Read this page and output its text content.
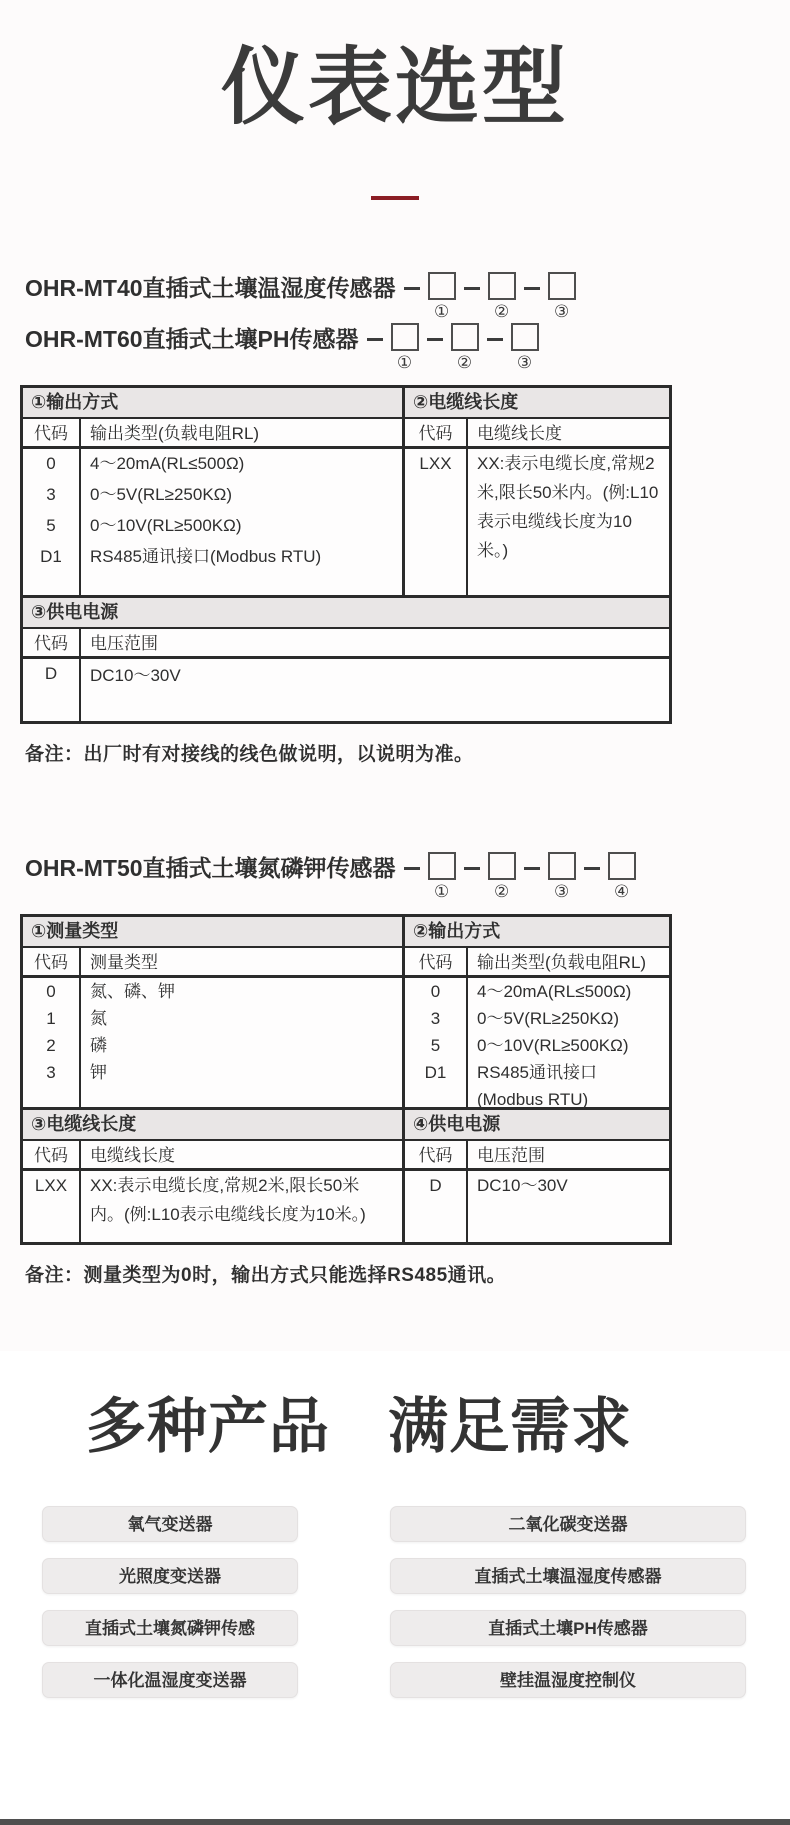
仪表选型
OHR-MT40直插式土壤温湿度传感器
①	②	③
OHR-MT60直插式土壤PH传感器
①	②	③
①输出方式
代码	输出类型(负载电阻RL)
0	4～20mA(RL≤500Ω)
3	0～5V(RL≥250KΩ)
5	0～10V(RL≥500KΩ)
D1	RS485通讯接口(Modbus RTU)
②电缆线长度
代码	电缆线长度
LXX	XX:表示电缆长度,常规2米,限长50米内。(例:L10表示电缆线长度为10米。)
③供电电源
代码	电压范围
D	DC10～30V

备注：出厂时有对接线的线色做说明，以说明为准。

OHR-MT50直插式土壤氮磷钾传感器
①	②	③	④
①测量类型
代码	测量类型
0	氮、磷、钾
1	氮
2	磷
3	钾
②输出方式
代码	输出类型(负载电阻RL)
0	4～20mA(RL≤500Ω)
3	0～5V(RL≥250KΩ)
5	0～10V(RL≥500KΩ)
D1	RS485通讯接口(Modbus RTU)
③电缆线长度
代码	电缆线长度
LXX	XX:表示电缆长度,常规2米,限长50米内。(例:L10表示电缆线长度为10米。)
④供电电源
代码	电压范围
D	DC10～30V

备注：测量类型为0时，输出方式只能选择RS485通讯。

多种产品 满足需求
氧气变送器	二氧化碳变送器
光照度变送器	直插式土壤温湿度传感器
直插式土壤氮磷钾传感	直插式土壤PH传感器
一体化温湿度变送器	壁挂温湿度控制仪
